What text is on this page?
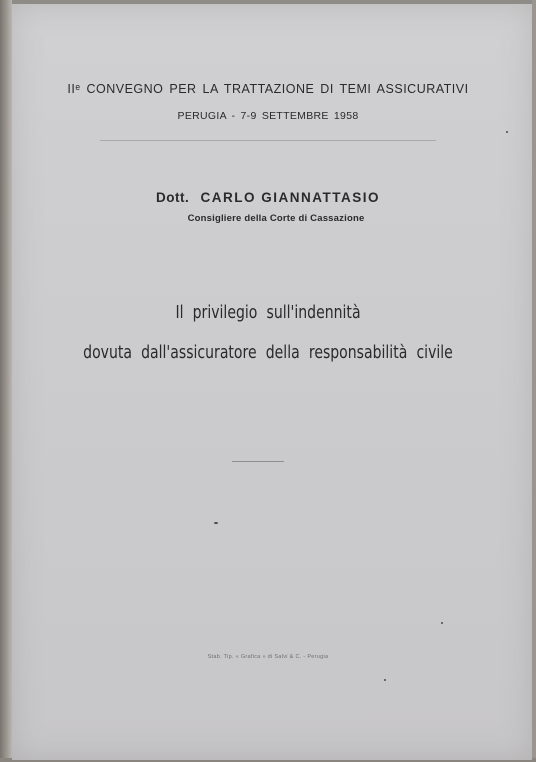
IIᵉ CONVEGNO PER LA TRATTAZIONE DI TEMI ASSICURATIVI
PERUGIA - 7-9 SETTEMBRE 1958
Dott. CARLO GIANNATTASIO
Consigliere della Corte di Cassazione
Il privilegio sull'indennità
dovuta dall'assicuratore della responsabilità civile
Stab. Tip. « Grafica » di Salvi & C. - Perugia
